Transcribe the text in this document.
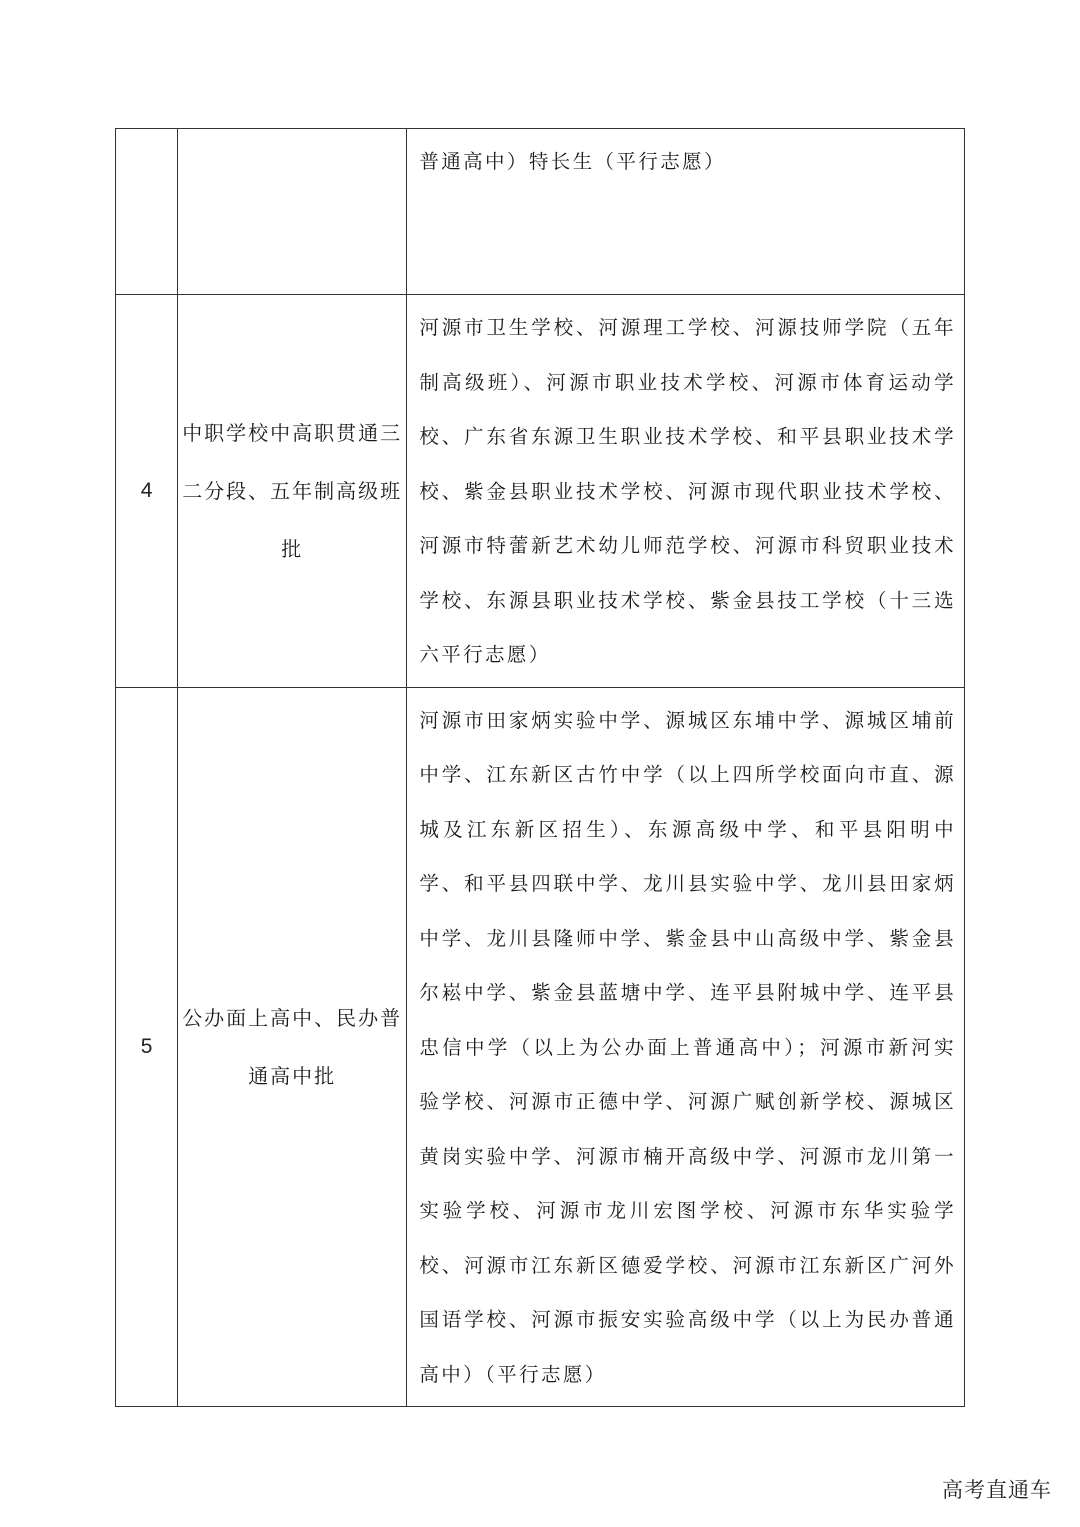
		普通高中）特长生（平行志愿）
4	中职学校中高职贯通三二分段、五年制高级班批	河源市卫生学校、河源理工学校、河源技师学院（五年制高级班）、河源市职业技术学校、河源市体育运动学校、广东省东源卫生职业技术学校、和平县职业技术学校、紫金县职业技术学校、河源市现代职业技术学校、河源市特蕾新艺术幼儿师范学校、河源市科贸职业技术学校、东源县职业技术学校、紫金县技工学校（十三选六平行志愿）
5	公办面上高中、民办普通高中批	河源市田家炳实验中学、源城区东埔中学、源城区埔前中学、江东新区古竹中学（以上四所学校面向市直、源城及江东新区招生）、东源高级中学、和平县阳明中学、和平县四联中学、龙川县实验中学、龙川县田家炳中学、龙川县隆师中学、紫金县中山高级中学、紫金县尔崧中学、紫金县蓝塘中学、连平县附城中学、连平县忠信中学（以上为公办面上普通高中）；河源市新河实验学校、河源市正德中学、河源广赋创新学校、源城区黄岗实验中学、河源市楠开高级中学、河源市龙川第一实验学校、河源市龙川宏图学校、河源市东华实验学校、河源市江东新区德爱学校、河源市江东新区广河外国语学校、河源市振安实验高级中学（以上为民办普通高中）（平行志愿）
高考直通车
